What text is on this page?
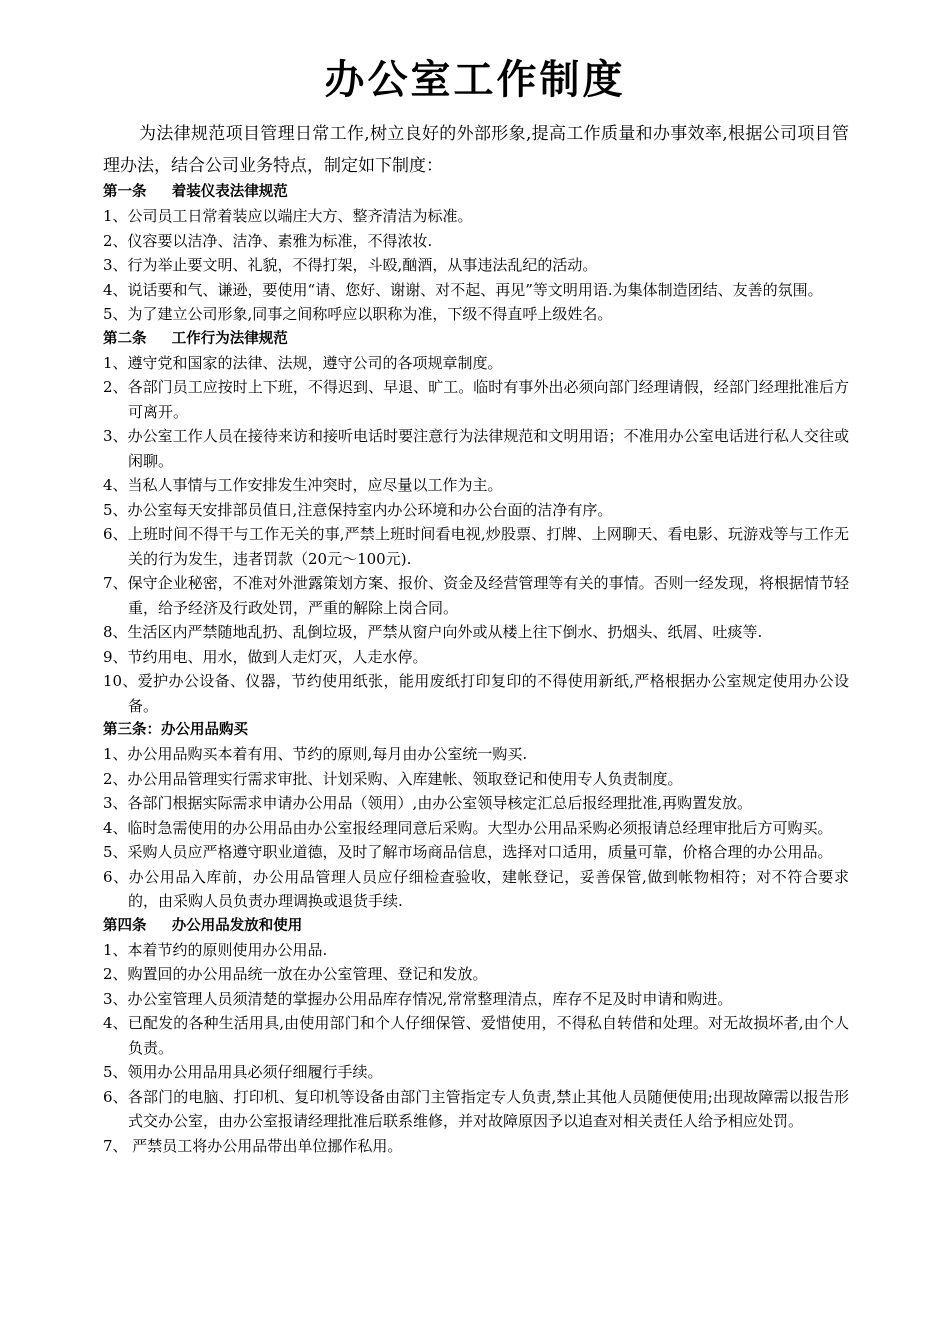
办公室工作制度
为法律规范项目管理日常工作,树立良好的外部形象,提高工作质量和办事效率,根据公司项目管理办法，结合公司业务特点，制定如下制度：
第一条     着装仪表法律规范
1、公司员工日常着装应以端庄大方、整齐清洁为标准。
2、仪容要以洁净、洁净、素雅为标准，不得浓妆.
3、行为举止要文明、礼貌，不得打架，斗殴,酗酒，从事违法乱纪的活动。
4、说话要和气、谦逊，要使用“请、您好、谢谢、对不起、再见”等文明用语.为集体制造团结、友善的氛围。
5、为了建立公司形象,同事之间称呼应以职称为准，下级不得直呼上级姓名。
第二条     工作行为法律规范
1、遵守党和国家的法律、法规，遵守公司的各项规章制度。
2、各部门员工应按时上下班，不得迟到、早退、旷工。临时有事外出必须向部门经理请假，经部门经理批准后方可离开。
3、办公室工作人员在接待来访和接听电话时要注意行为法律规范和文明用语；不准用办公室电话进行私人交往或闲聊。
4、当私人事情与工作安排发生冲突时，应尽量以工作为主。
5、办公室每天安排部员值日,注意保持室内办公环境和办公台面的洁净有序。
6、上班时间不得干与工作无关的事,严禁上班时间看电视,炒股票、打牌、上网聊天、看电影、玩游戏等与工作无关的行为发生，违者罚款（20元～100元).
7、保守企业秘密，不准对外泄露策划方案、报价、资金及经营管理等有关的事情。否则一经发现，将根据情节轻重，给予经济及行政处罚，严重的解除上岗合同。
8、生活区内严禁随地乱扔、乱倒垃圾，严禁从窗户向外或从楼上往下倒水、扔烟头、纸屑、吐痰等.
9、节约用电、用水，做到人走灯灭，人走水停。
10、爱护办公设备、仪器，节约使用纸张，能用废纸打印复印的不得使用新纸,严格根据办公室规定使用办公设备。
第三条：办公用品购买
1、办公用品购买本着有用、节约的原则,每月由办公室统一购买.
2、办公用品管理实行需求审批、计划采购、入库建帐、领取登记和使用专人负责制度。
3、各部门根据实际需求申请办公用品（领用）,由办公室领导核定汇总后报经理批准,再购置发放。
4、临时急需使用的办公用品由办公室报经理同意后采购。大型办公用品采购必须报请总经理审批后方可购买。
5、采购人员应严格遵守职业道德，及时了解市场商品信息，选择对口适用，质量可靠，价格合理的办公用品。
6、办公用品入库前，办公用品管理人员应仔细检查验收，建帐登记，妥善保管,做到帐物相符；对不符合要求的，由采购人员负责办理调换或退货手续.
第四条     办公用品发放和使用
1、本着节约的原则使用办公用品.
2、购置回的办公用品统一放在办公室管理、登记和发放。
3、办公室管理人员须清楚的掌握办公用品库存情况,常常整理清点，库存不足及时申请和购进。
4、已配发的各种生活用具,由使用部门和个人仔细保管、爱惜使用，不得私自转借和处理。对无故损坏者,由个人负责。
5、领用办公用品用具必须仔细履行手续。
6、各部门的电脑、打印机、复印机等设备由部门主管指定专人负责,禁止其他人员随便使用;出现故障需以报告形式交办公室，由办公室报请经理批准后联系维修，并对故障原因予以追查对相关责任人给予相应处罚。
7、 严禁员工将办公用品带出单位挪作私用。
